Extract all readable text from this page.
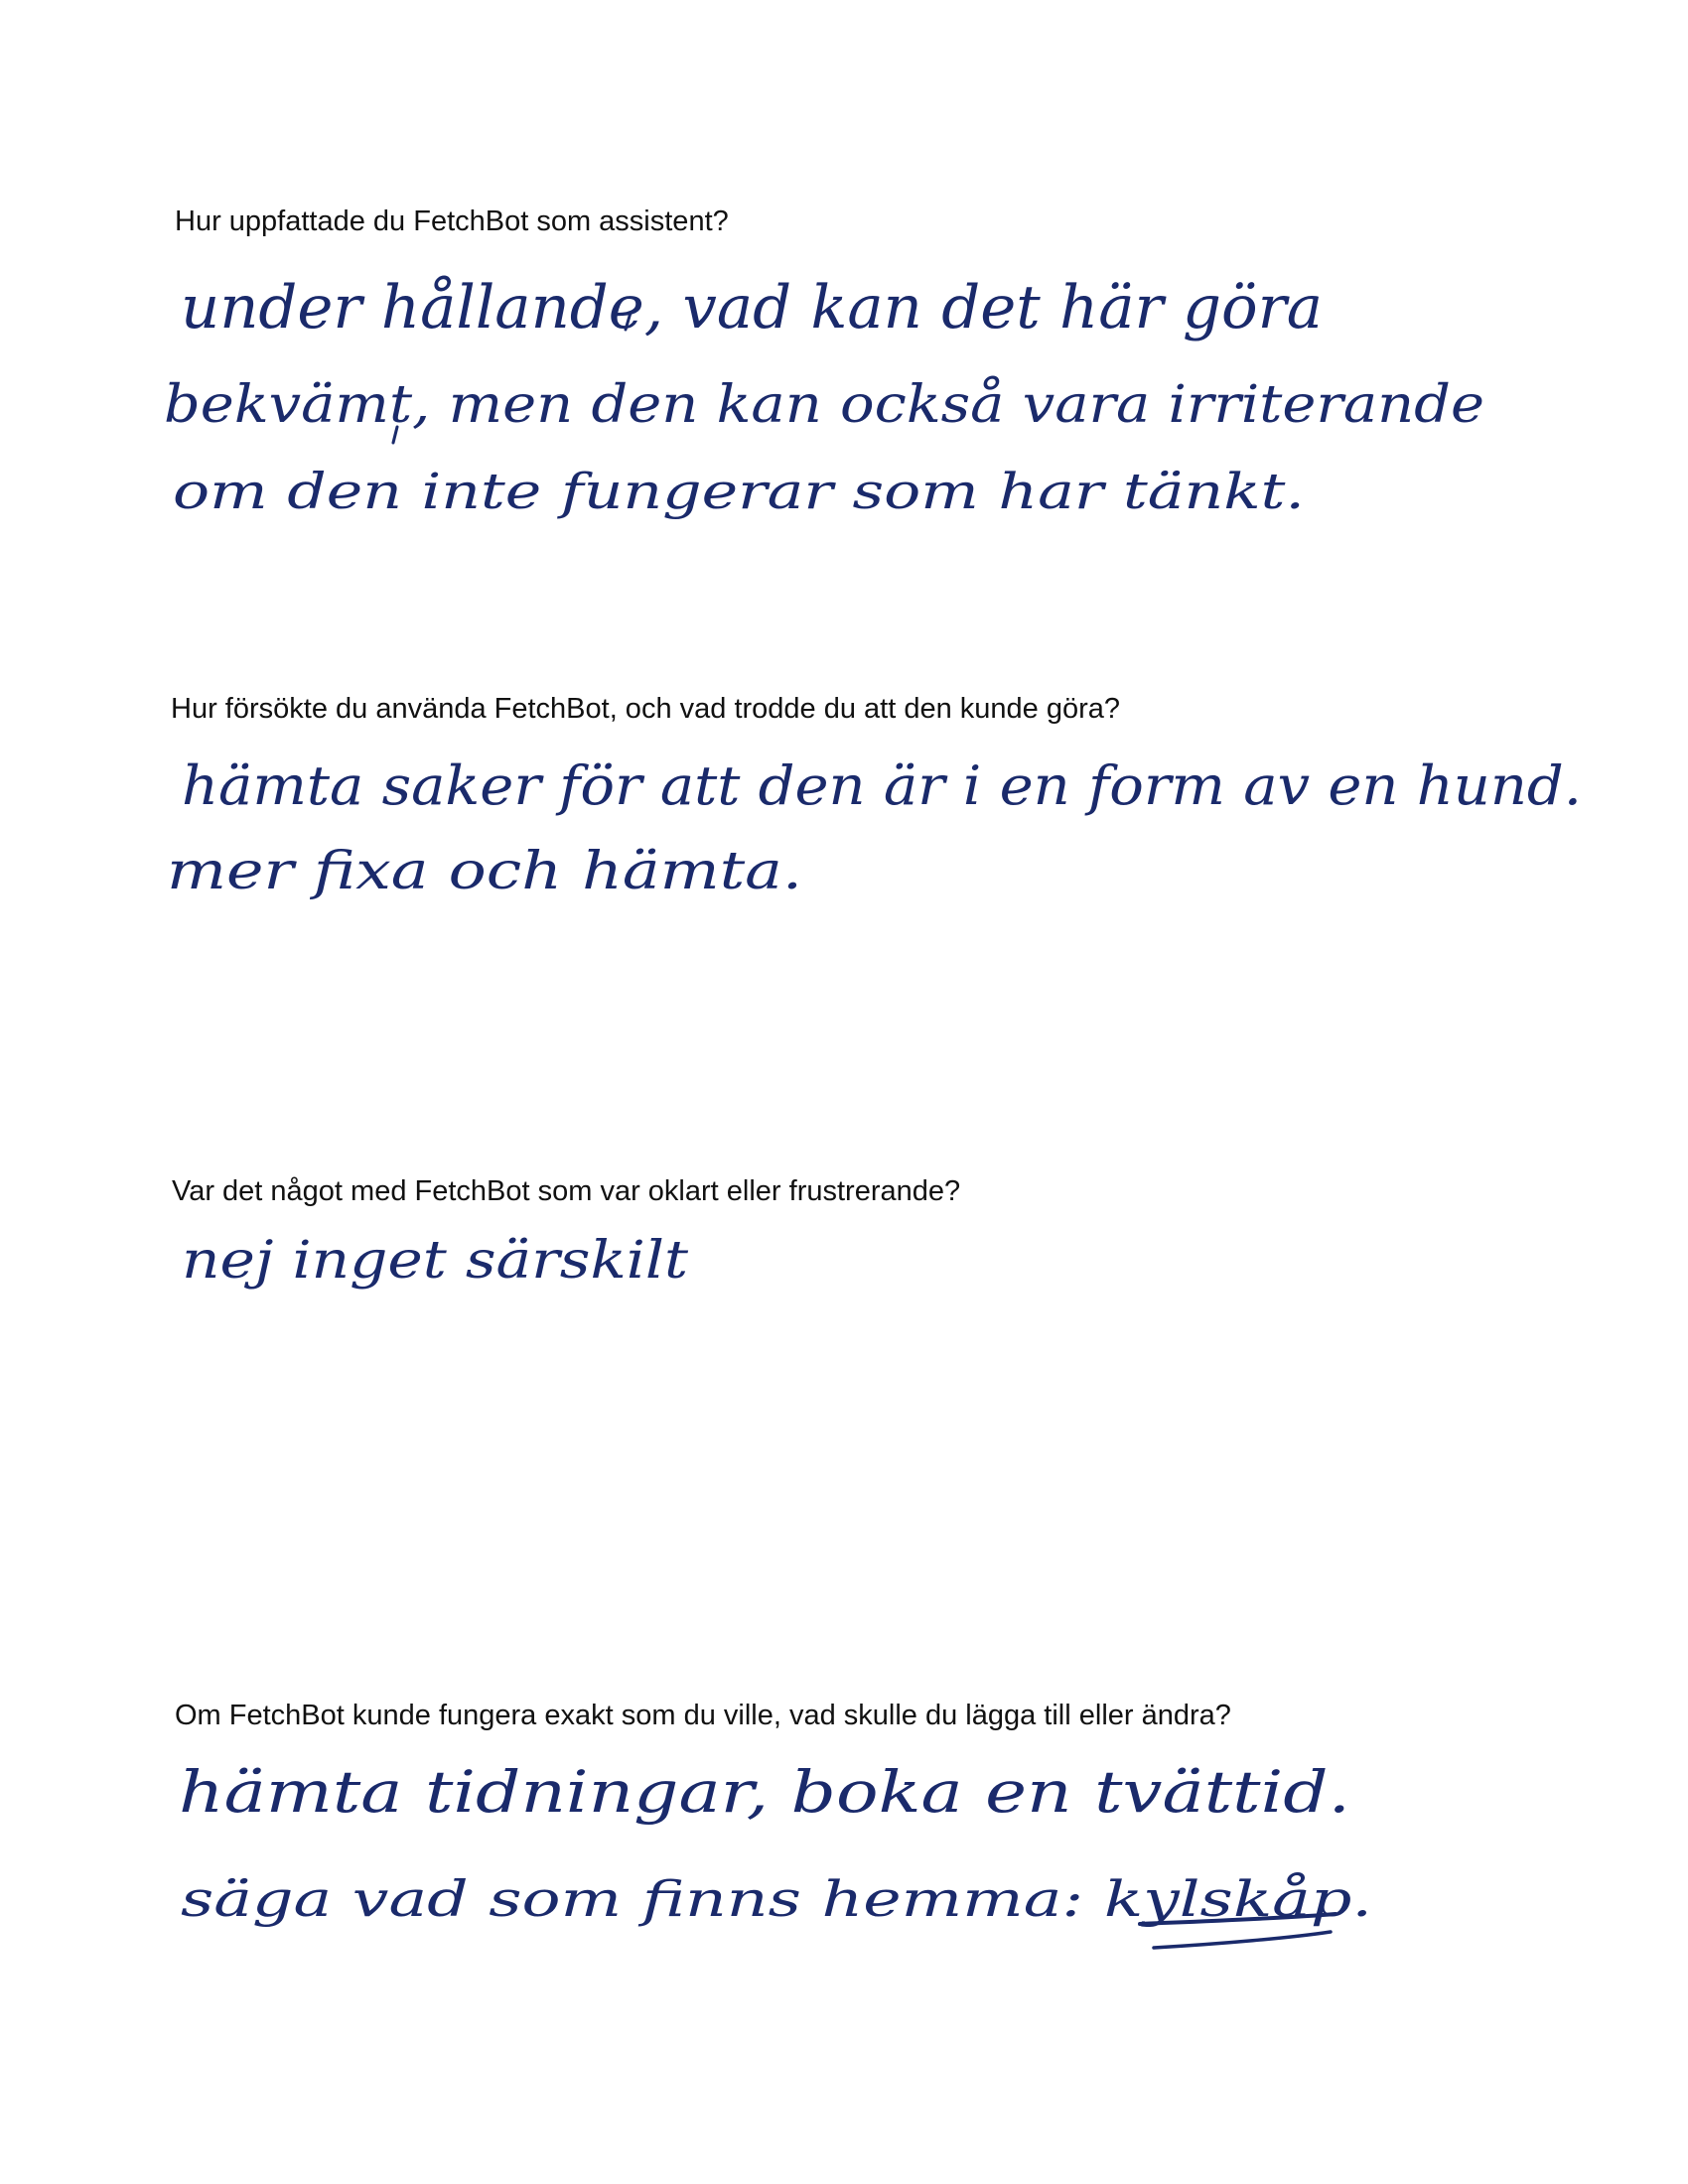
Hur uppfattade du FetchBot som assistent?
Hur försökte du använda FetchBot, och vad trodde du att den kunde göra?
Var det något med FetchBot som var oklart eller frustrerande?
Om FetchBot kunde fungera exakt som du ville, vad skulle du lägga till eller ändra?
under hållande, vad kan det här göra
bekvämt, men den kan också vara irriterande
om den inte fungerar som har tänkt.
hämta saker för att den är i en form av en hund.
mer fixa och hämta.
nej inget särskilt
hämta tidningar, boka en tvättid.
säga vad som finns hemma: kylskåp.
